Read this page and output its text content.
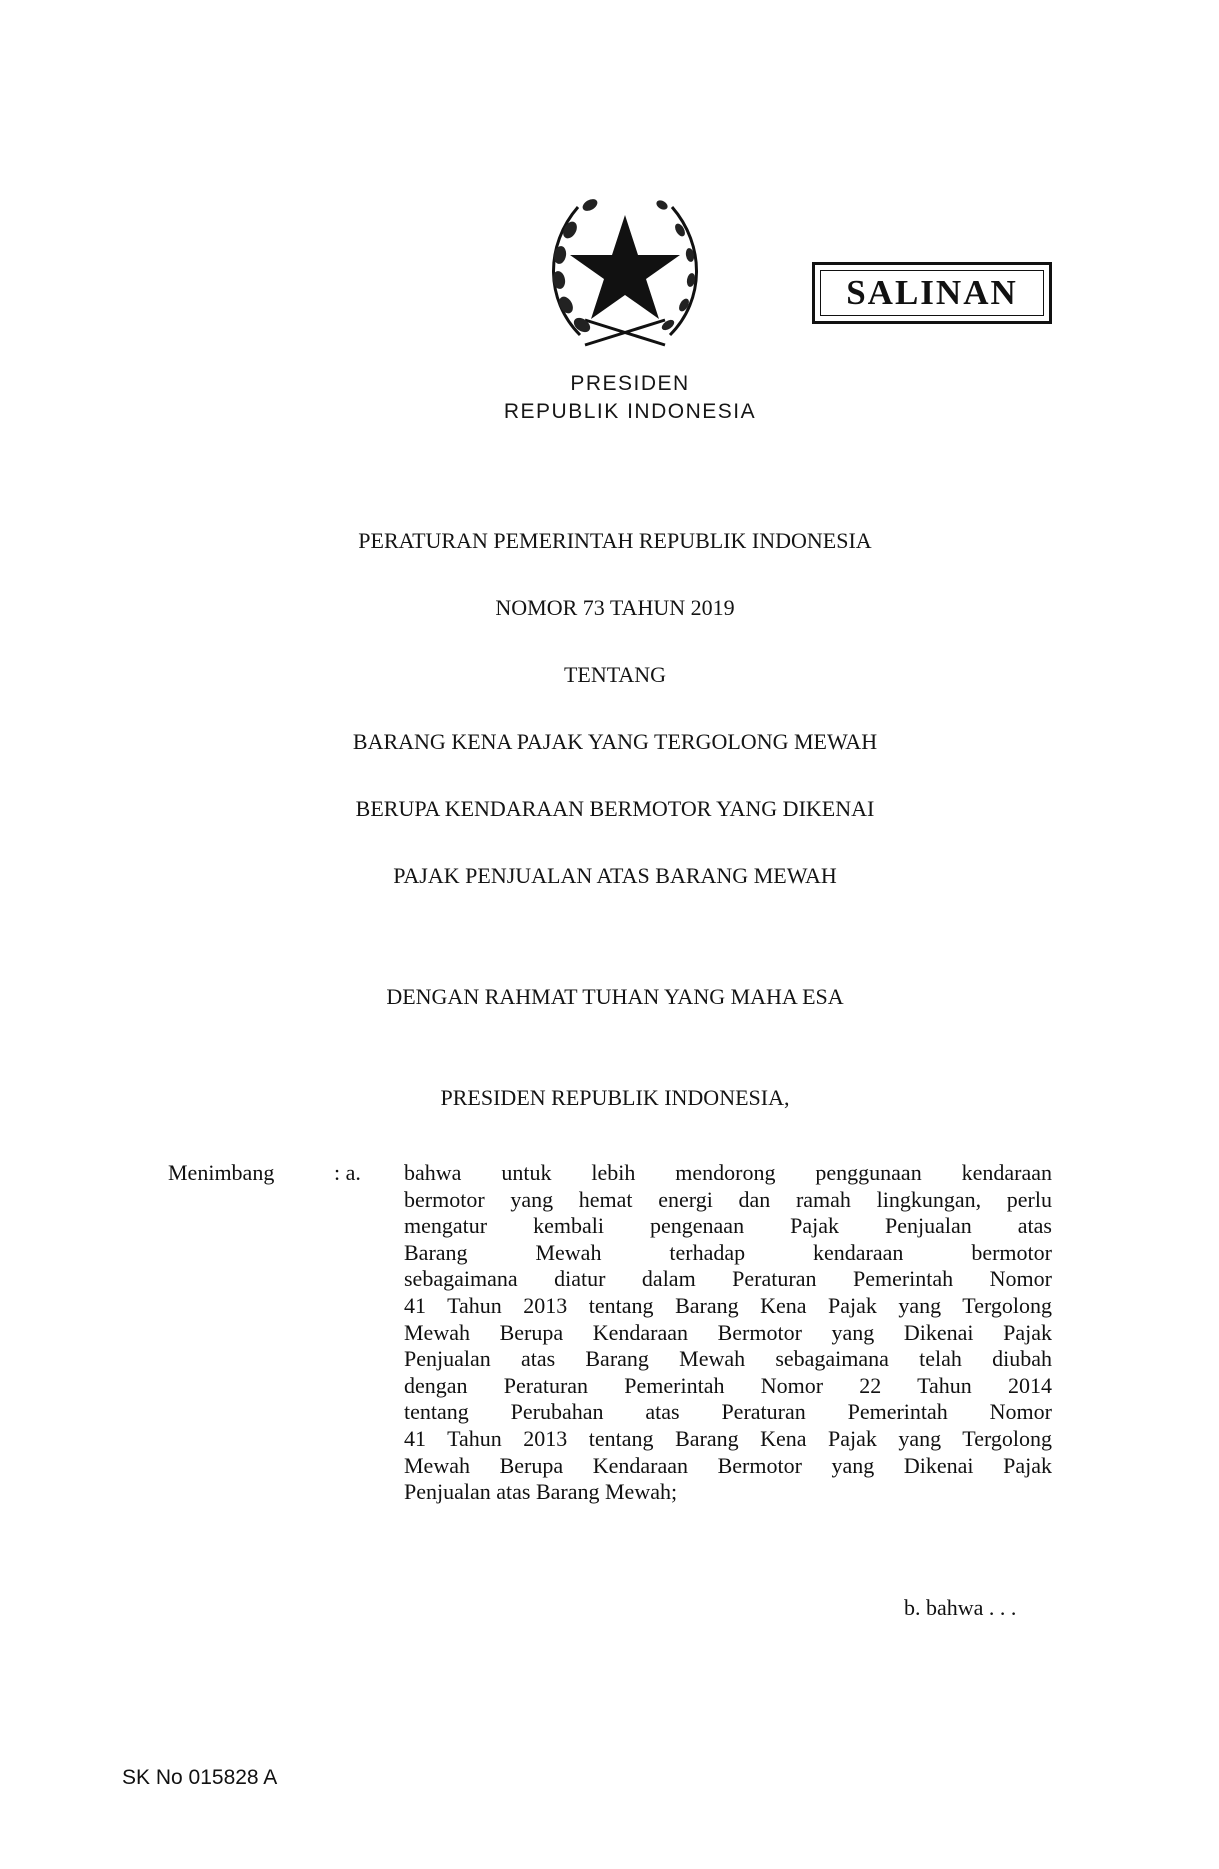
PRESIDEN
REPUBLIK INDONESIA
SALINAN
PERATURAN PEMERINTAH REPUBLIK INDONESIA
NOMOR 73 TAHUN 2019
TENTANG
BARANG KENA PAJAK YANG TERGOLONG MEWAH
BERUPA KENDARAAN BERMOTOR YANG DIKENAI
PAJAK PENJUALAN ATAS BARANG MEWAH
DENGAN RAHMAT TUHAN YANG MAHA ESA
PRESIDEN REPUBLIK INDONESIA,
Menimbang	: a. bahwa untuk lebih mendorong penggunaan kendaraan
bermotor yang hemat energi dan ramah lingkungan, perlu
mengatur kembali pengenaan Pajak Penjualan atas
Barang Mewah terhadap kendaraan bermotor
sebagaimana diatur dalam Peraturan Pemerintah Nomor
41 Tahun 2013 tentang Barang Kena Pajak yang Tergolong
Mewah Berupa Kendaraan Bermotor yang Dikenai Pajak
Penjualan atas Barang Mewah sebagaimana telah diubah
dengan Peraturan Pemerintah Nomor 22 Tahun 2014
tentang Perubahan atas Peraturan Pemerintah Nomor
41 Tahun 2013 tentang Barang Kena Pajak yang Tergolong
Mewah Berupa Kendaraan Bermotor yang Dikenai Pajak
Penjualan atas Barang Mewah;
b. bahwa . . .
SK No 015828 A
